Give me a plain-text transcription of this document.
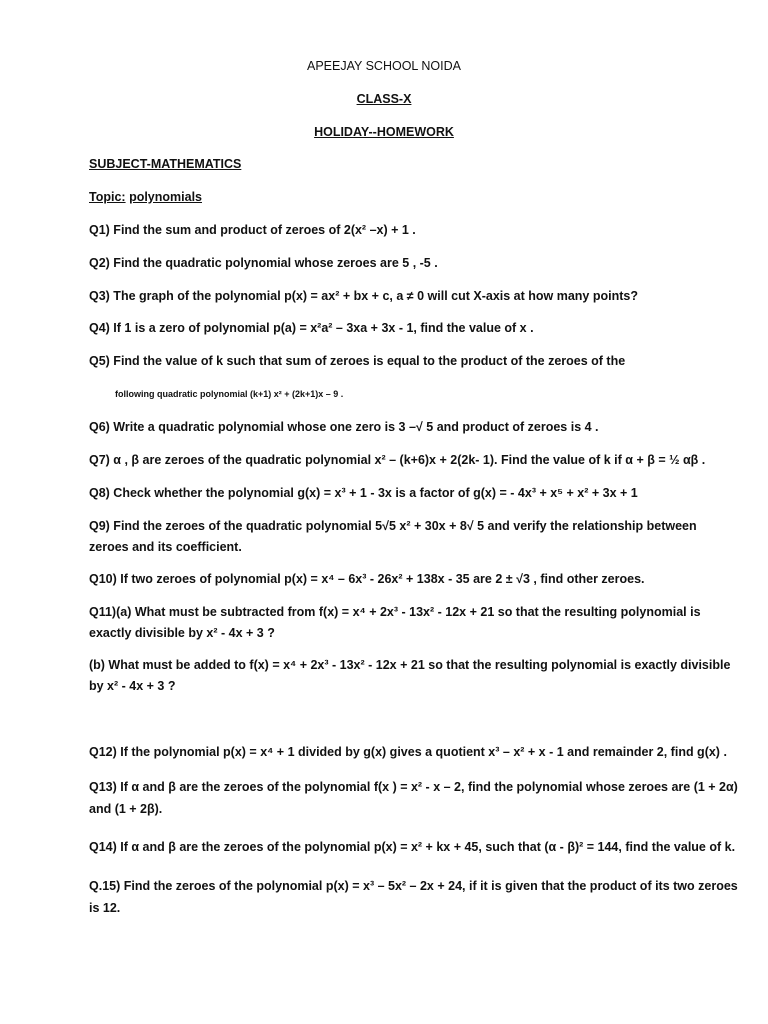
APEEJAY SCHOOL NOIDA
CLASS-X
HOLIDAY--HOMEWORK
SUBJECT-MATHEMATICS
Topic: polynomials
Q1) Find the sum and product of zeroes of 2(x² –x) + 1 .
Q2) Find the quadratic polynomial whose zeroes are 5 , -5 .
Q3) The graph of the polynomial p(x) = ax² + bx + c, a ≠ 0 will cut X-axis at how many points?
Q4) If 1 is a zero of polynomial p(a) = x²a² – 3xa + 3x - 1, find the value of x .
Q5) Find the value of k such that sum of zeroes is equal to the product of the zeroes of the
following quadratic polynomial (k+1) x² + (2k+1)x – 9 .
Q6) Write a quadratic polynomial whose one zero is 3 –√ 5 and product of zeroes is 4 .
Q7) α , β are zeroes of the quadratic polynomial x² – (k+6)x + 2(2k- 1). Find the value of k if α + β = ½ αβ .
Q8) Check whether the polynomial g(x) = x³ + 1 - 3x is a factor of g(x) = - 4x³ + x⁵ + x² + 3x + 1
Q9) Find the zeroes of the quadratic polynomial 5√5 x² + 30x + 8√ 5 and verify the relationship between
zeroes and its coefficient.
Q10) If two zeroes of polynomial p(x) = x⁴ – 6x³ - 26x² + 138x - 35 are 2 ± √3 , find other zeroes.
Q11)(a) What must be subtracted from f(x) = x⁴ + 2x³ - 13x² - 12x + 21 so that the resulting polynomial is
exactly divisible by x² - 4x + 3 ?
(b) What must be added to f(x) = x⁴ + 2x³ - 13x² - 12x + 21 so that the resulting polynomial is exactly divisible
by x² - 4x + 3 ?
Q12) If the polynomial p(x) = x⁴ + 1 divided by g(x) gives a quotient x³ – x² + x - 1 and remainder 2, find g(x) .
Q13) If α and β are the zeroes of the polynomial f(x ) = x² - x – 2, find the polynomial whose zeroes are (1 + 2α)
and (1 + 2β).
Q14) If α and β are the zeroes of the polynomial p(x) = x² + kx + 45, such that (α - β)² = 144, find the value of k.
Q.15) Find the zeroes of the polynomial p(x) = x³ – 5x² – 2x + 24, if it is given that the product of its two zeroes
is 12.
